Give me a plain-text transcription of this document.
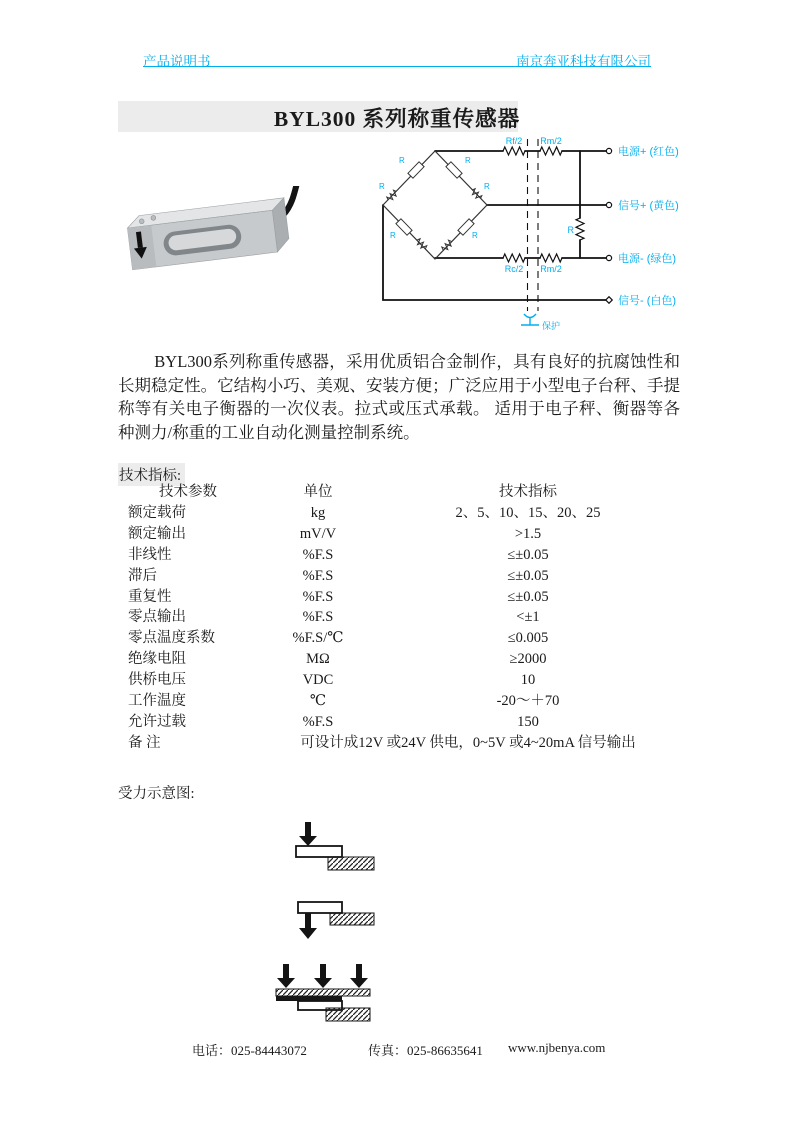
产品说明书	南京奔亚科技有限公司
BYL300 系列称重传感器
Rf/2 Rm/2
Rc/2 Rm/2
R
保护
R	R
R	R
R	R
电源+ (红色)
信号+ (黄色)
电源- (绿色)
信号- (白色)
BYL300系列称重传感器，采用优质铝合金制作，具有良好的抗腐蚀性和长期稳定性。它结构小巧、美观、安装方便；广泛应用于小型电子台秤、手提称等有关电子衡器的一次仪表。拉式或压式承载。 适用于电子秤、衡器等各种测力/称重的工业自动化测量控制系统。
技术指标:
技术参数	单位	技术指标
额定载荷	kg	2、5、10、15、20、25
额定输出	mV/V	>1.5
非线性	%F.S	≤±0.05
滞后	%F.S	≤±0.05
重复性	%F.S	≤±0.05
零点输出	%F.S	<±1
零点温度系数	%F.S/℃	≤0.005
绝缘电阻	MΩ	≥2000
供桥电压	VDC	10
工作温度	℃	-20～＋70
允许过载	%F.S	150
备 注	可设计成12V 或24V 供电，0~5V 或4~20mA 信号输出	
受力示意图:
电话：025-84443072	传真：025-86635641 www.njbenya.com
